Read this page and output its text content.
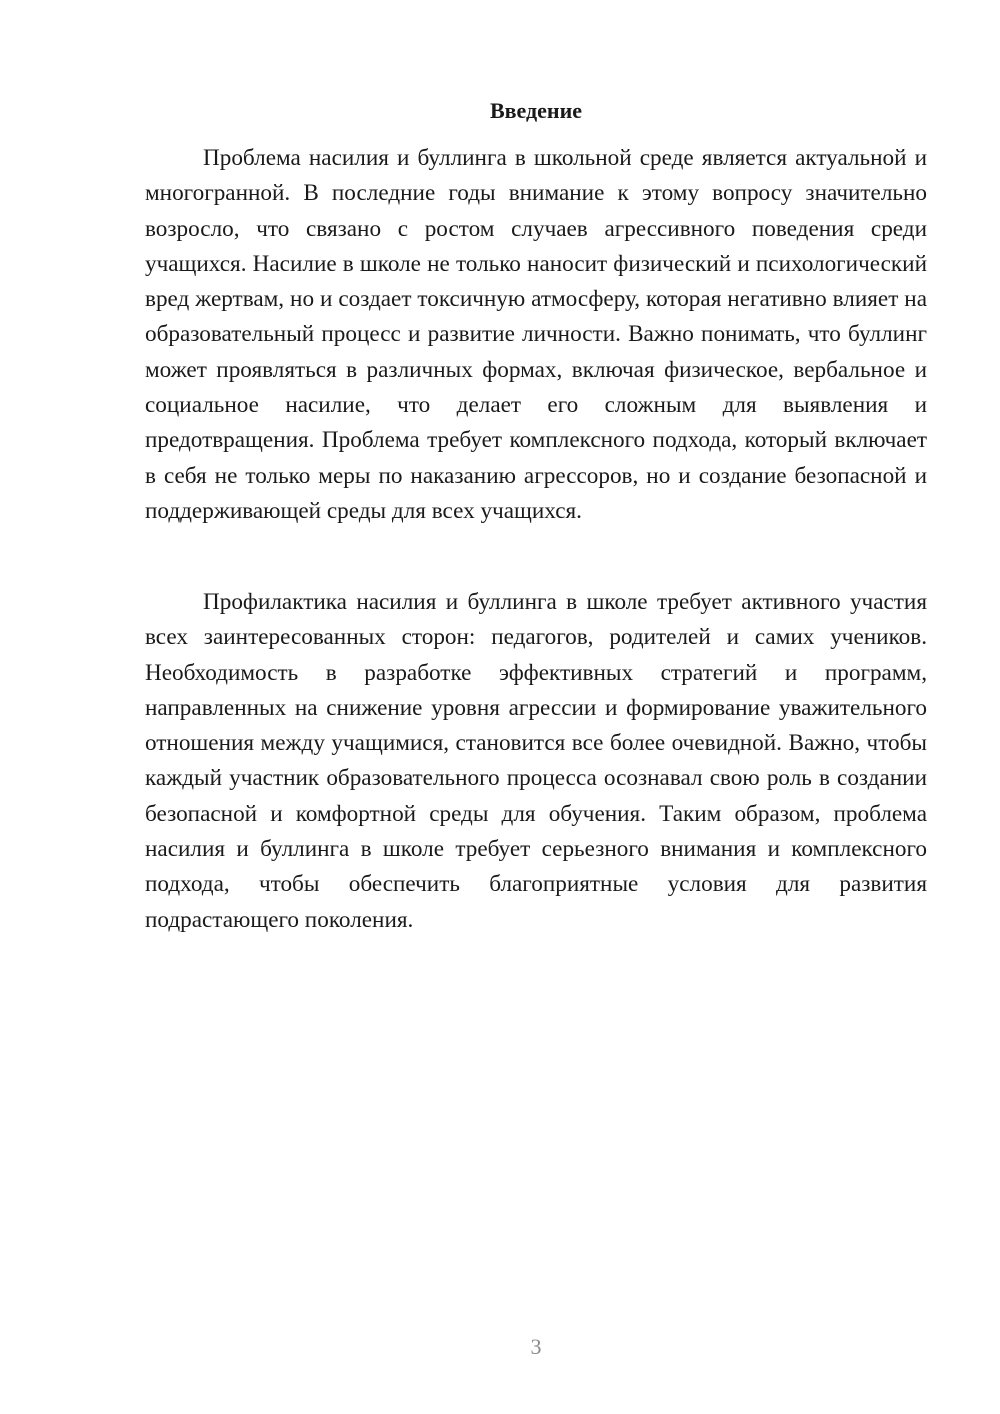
Введение

Проблема насилия и буллинга в школьной среде является актуальной и многогранной. В последние годы внимание к этому вопросу значительно возросло, что связано с ростом случаев агрессивного поведения среди учащихся. Насилие в школе не только наносит физический и психологический вред жертвам, но и создает токсичную атмосферу, которая негативно влияет на образовательный процесс и развитие личности. Важно понимать, что буллинг может проявляться в различных формах, включая физическое, вербальное и социальное насилие, что делает его сложным для выявления и предотвращения. Проблема требует комплексного подхода, который включает в себя не только меры по наказанию агрессоров, но и создание безопасной и поддерживающей среды для всех учащихся.

Профилактика насилия и буллинга в школе требует активного участия всех заинтересованных сторон: педагогов, родителей и самих учеников. Необходимость в разработке эффективных стратегий и программ, направленных на снижение уровня агрессии и формирование уважительного отношения между учащимися, становится все более очевидной. Важно, чтобы каждый участник образовательного процесса осознавал свою роль в создании безопасной и комфортной среды для обучения. Таким образом, проблема насилия и буллинга в школе требует серьезного внимания и комплексного подхода, чтобы обеспечить благоприятные условия для развития подрастающего поколения.

3
